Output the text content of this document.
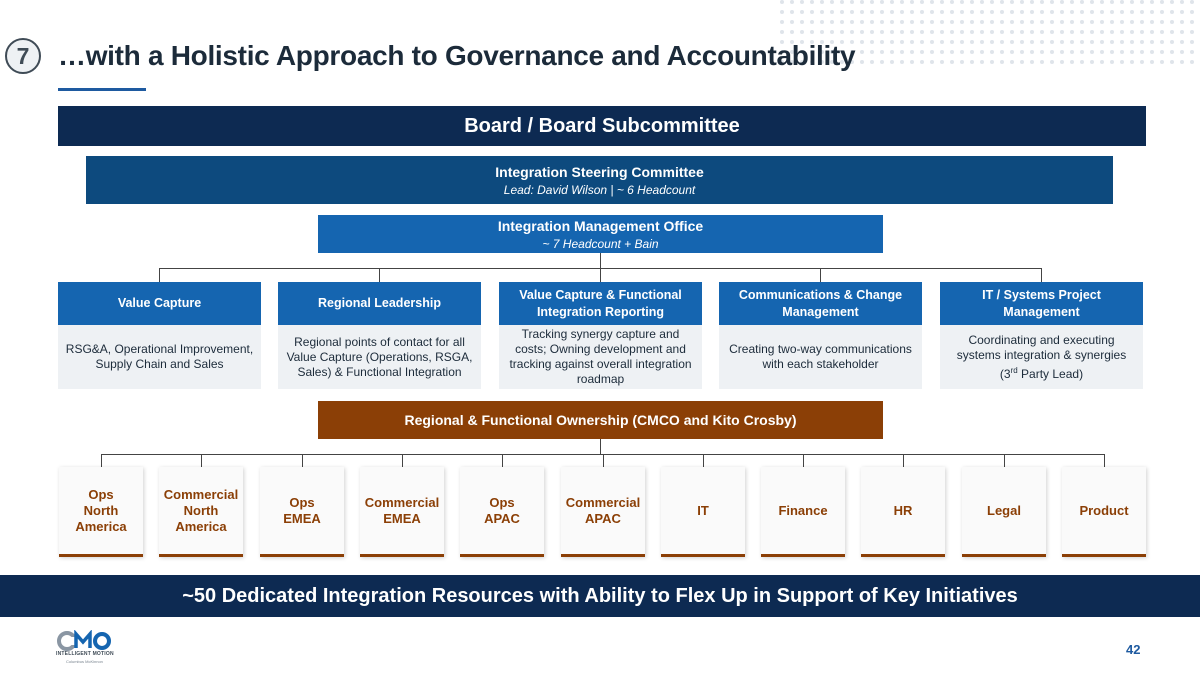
7 …with a Holistic Approach to Governance and Accountability
Board / Board Subcommittee
Integration Steering Committee
Lead: David Wilson | ~ 6 Headcount
Integration Management Office
~ 7 Headcount + Bain
Value Capture
RSG&A, Operational Improvement, Supply Chain and Sales
Regional Leadership
Regional points of contact for all Value Capture (Operations, RSGA, Sales) & Functional Integration
Value Capture & Functional Integration Reporting
Tracking synergy capture and costs; Owning development and tracking against overall integration roadmap
Communications & Change Management
Creating two-way communications with each stakeholder
IT / Systems Project Management
Coordinating and executing systems integration & synergies
(3rd Party Lead)
Regional & Functional Ownership (CMCO and Kito Crosby)
Ops
North
America
Commercial
North
America
Ops
EMEA
Commercial
EMEA
Ops
APAC
Commercial
APAC
IT	Finance	HR	Legal	Product
~50 Dedicated Integration Resources with Ability to Flex Up in Support of Key Initiatives
INTELLIGENT MOTION
Columbus McKinnon
42
